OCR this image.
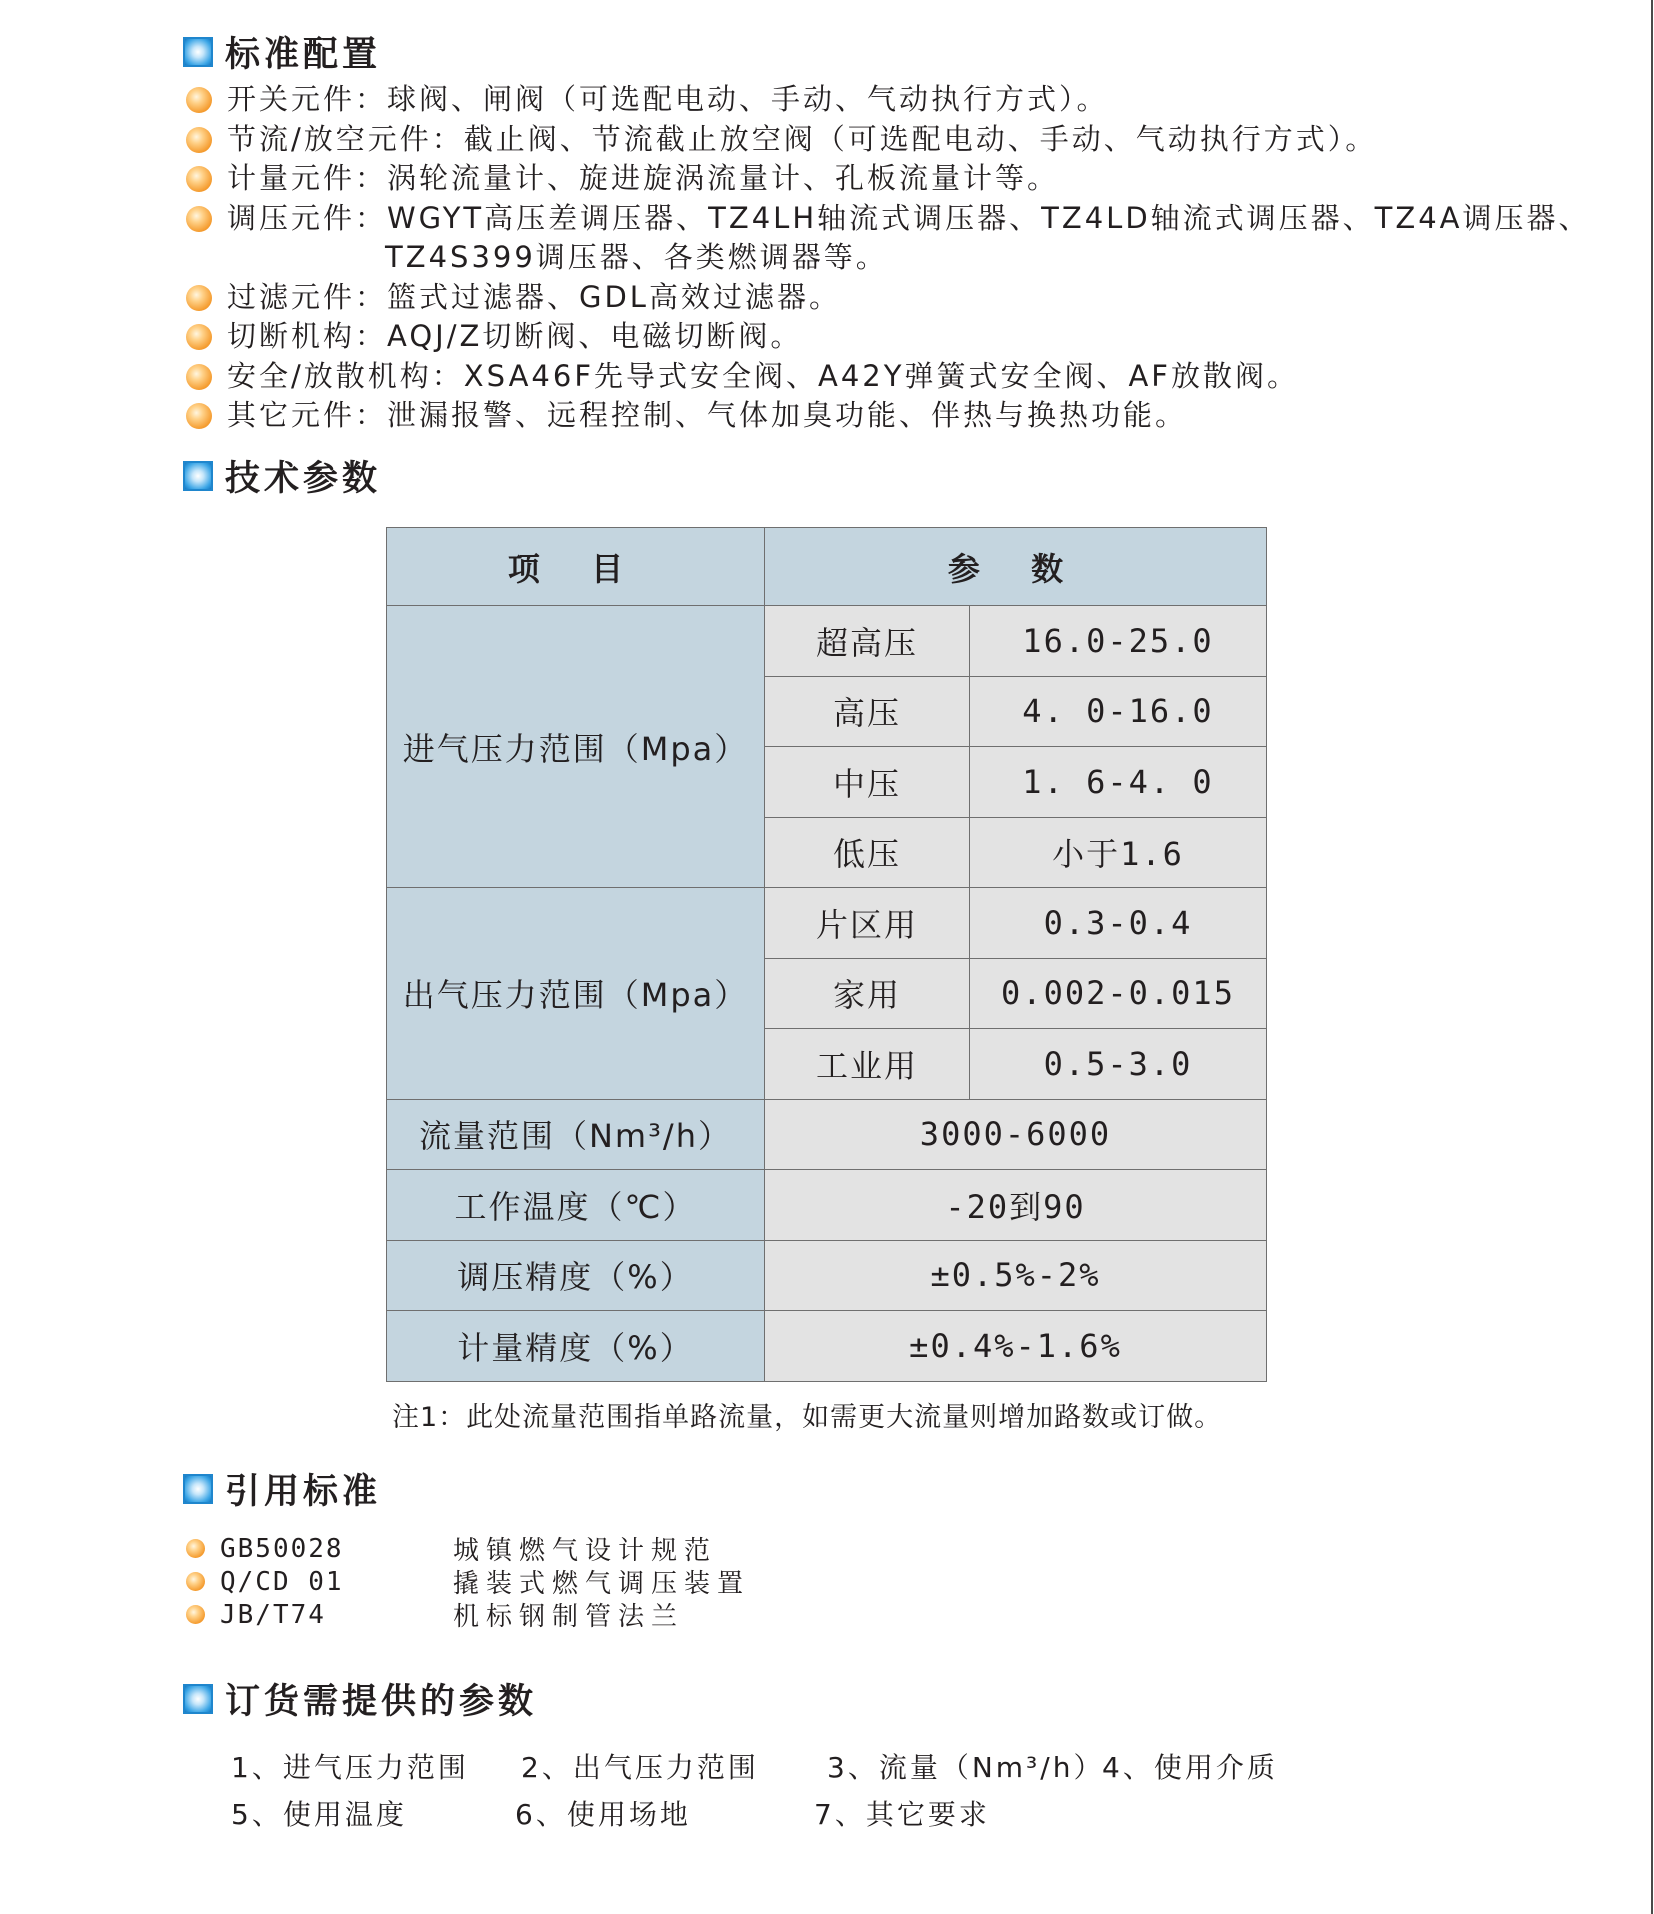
标准配置
开关元件：球阀、闸阀（可选配电动、手动、气动执行方式）。
节流/放空元件：截止阀、节流截止放空阀（可选配电动、手动、气动执行方式）。
计量元件：涡轮流量计、旋进旋涡流量计、孔板流量计等。
调压元件：WGYT高压差调压器、TZ4LH轴流式调压器、TZ4LD轴流式调压器、TZ4A调压器、
TZ4S399调压器、各类燃调器等。
过滤元件：篮式过滤器、GDL高效过滤器。
切断机构：AQJ/Z切断阀、电磁切断阀。
安全/放散机构：XSA46F先导式安全阀、A42Y弹簧式安全阀、AF放散阀。
其它元件：泄漏报警、远程控制、气体加臭功能、伴热与换热功能。
技术参数
项 目	参 数	
进气压力范围（Mpa）	超高压	16.0-25.0
	高压	4. 0-16.0
	中压	1. 6-4. 0
	低压	小于1.6
出气压力范围（Mpa）	片区用	0.3-0.4
	家用	0.002-0.015
	工业用	0.5-3.0
流量范围（Nm³/h）	3000-6000	
工作温度（℃）	-20到90	
调压精度（%）	±0.5%-2%	
计量精度（%）	±0.4%-1.6%	
注1：此处流量范围指单路流量，如需更大流量则增加路数或订做。
引用标准
GB50028	城镇燃气设计规范
Q/CD 01	撬装式燃气调压装置
JB/T74	机标钢制管法兰
订货需提供的参数
1、进气压力范围 2、出气压力范围 3、流量（Nm³/h）
4、使用介质
5、使用温度	6、使用场地	7、其它要求
